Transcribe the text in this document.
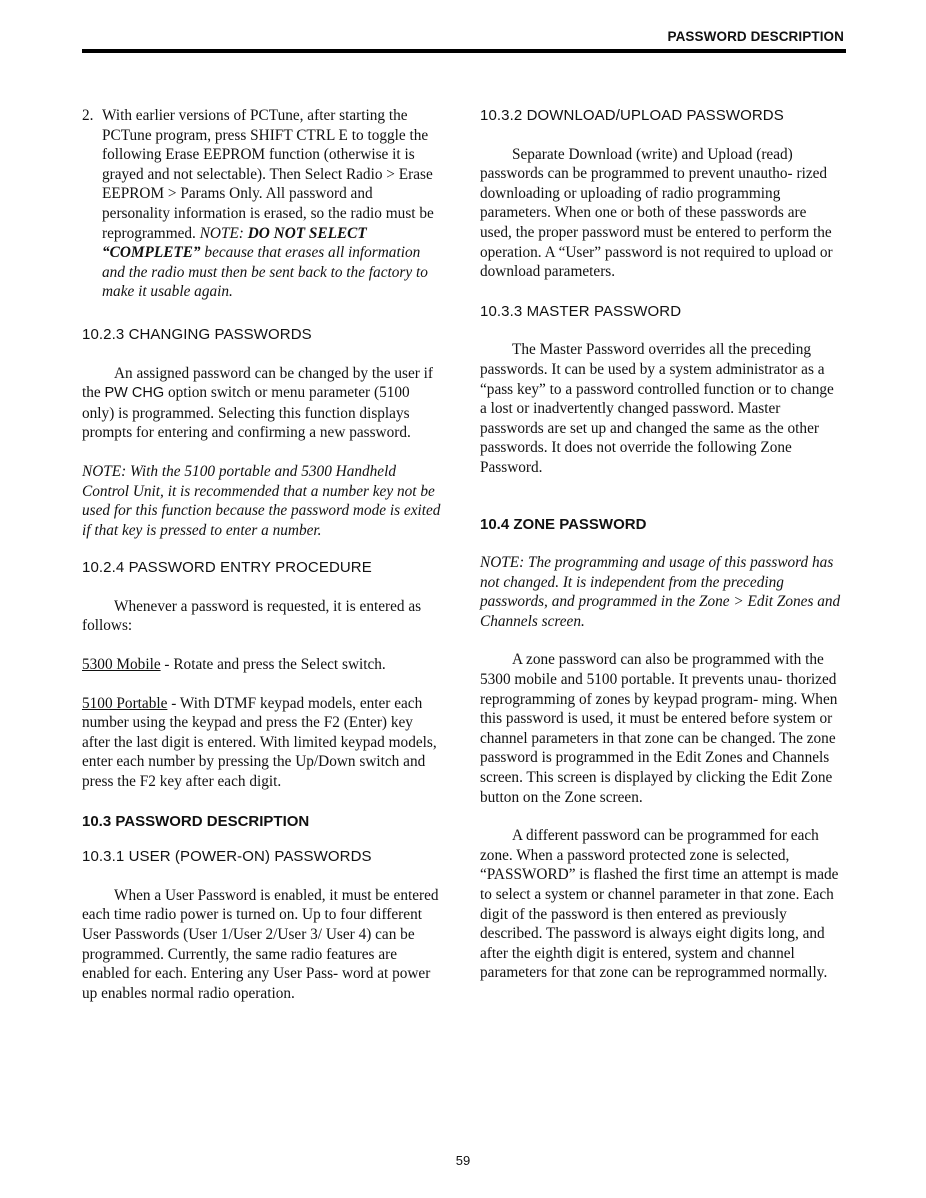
PASSWORD DESCRIPTION
2. With earlier versions of PCTune, after starting the PCTune program, press SHIFT CTRL E to toggle the following Erase EEPROM function (otherwise it is grayed and not selectable). Then Select Radio > Erase EEPROM > Params Only. All password and personality information is erased, so the radio must be reprogrammed. NOTE: DO NOT SELECT “COMPLETE” because that erases all information and the radio must then be sent back to the factory to make it usable again.

10.2.3 CHANGING PASSWORDS

An assigned password can be changed by the user if the PW CHG option switch or menu parameter (5100 only) is programmed. Selecting this function displays prompts for entering and confirming a new password.

NOTE: With the 5100 portable and 5300 Handheld Control Unit, it is recommended that a number key not be used for this function because the password mode is exited if that key is pressed to enter a number.

10.2.4 PASSWORD ENTRY PROCEDURE

Whenever a password is requested, it is entered as follows:

5300 Mobile - Rotate and press the Select switch.

5100 Portable - With DTMF keypad models, enter each number using the keypad and press the F2 (Enter) key after the last digit is entered. With limited keypad models, enter each number by pressing the Up/Down switch and press the F2 key after each digit.

10.3 PASSWORD DESCRIPTION
10.3.1 USER (POWER-ON) PASSWORDS

When a User Password is enabled, it must be entered each time radio power is turned on. Up to four different User Passwords (User 1/User 2/User 3/ User 4) can be programmed. Currently, the same radio features are enabled for each. Entering any User Pass- word at power up enables normal radio operation.

10.3.2 DOWNLOAD/UPLOAD PASSWORDS

Separate Download (write) and Upload (read) passwords can be programmed to prevent unautho- rized downloading or uploading of radio programming parameters. When one or both of these passwords are used, the proper password must be entered to perform the operation. A “User” password is not required to upload or download parameters.

10.3.3 MASTER PASSWORD

The Master Password overrides all the preceding passwords. It can be used by a system administrator as a “pass key” to a password controlled function or to change a lost or inadvertently changed password. Master passwords are set up and changed the same as the other passwords. It does not override the following Zone Password.

10.4 ZONE PASSWORD

NOTE: The programming and usage of this password has not changed. It is independent from the preceding passwords, and programmed in the Zone > Edit Zones and Channels screen.

A zone password can also be programmed with the 5300 mobile and 5100 portable. It prevents unau- thorized reprogramming of zones by keypad program- ming. When this password is used, it must be entered before system or channel parameters in that zone can be changed. The zone password is programmed in the Edit Zones and Channels screen. This screen is displayed by clicking the Edit Zone button on the Zone screen.

A different password can be programmed for each zone. When a password protected zone is selected, “PASSWORD” is flashed the first time an attempt is made to select a system or channel parameter in that zone. Each digit of the password is then entered as previously described. The password is always eight digits long, and after the eighth digit is entered, system and channel parameters for that zone can be reprogrammed normally.

59
